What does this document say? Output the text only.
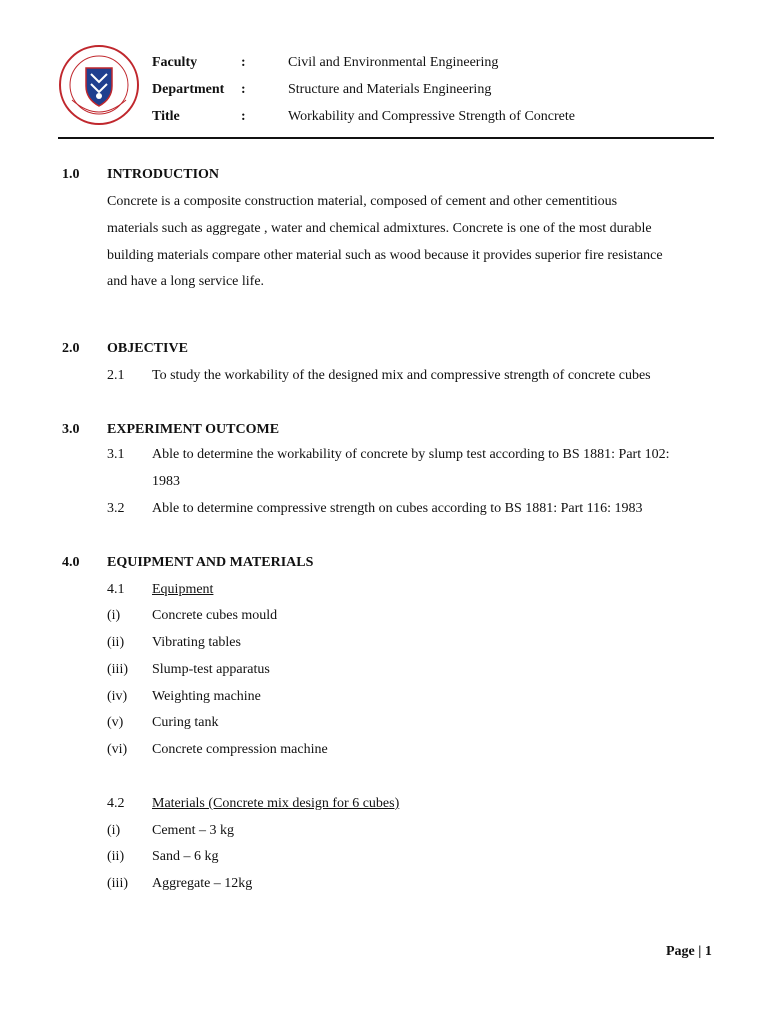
Faculty	:	Civil and Environmental Engineering
Department	:	Structure and Materials Engineering
Title	:	Workability and Compressive Strength of Concrete
1.0 INTRODUCTION
Concrete is a composite construction material, composed of cement and other cementitious
materials such as aggregate , water and chemical admixtures. Concrete is one of the most durable
building materials compare other material such as wood because it provides superior fire resistance
and have a long service life.
2.0 OBJECTIVE
2.1 To study the workability of the designed mix and compressive strength of concrete cubes
3.0 EXPERIMENT OUTCOME
3.1 Able to determine the workability of concrete by slump test according to BS 1881: Part 102:
1983
3.2 Able to determine compressive strength on cubes according to BS 1881: Part 116: 1983
4.0 EQUIPMENT AND MATERIALS
4.1 Equipment
(i) Concrete cubes mould
(ii) Vibrating tables
(iii) Slump-test apparatus
(iv) Weighting machine
(v) Curing tank
(vi) Concrete compression machine
4.2 Materials (Concrete mix design for 6 cubes)
(i) Cement – 3 kg
(ii) Sand – 6 kg
(iii) Aggregate – 12kg
Page | 1
